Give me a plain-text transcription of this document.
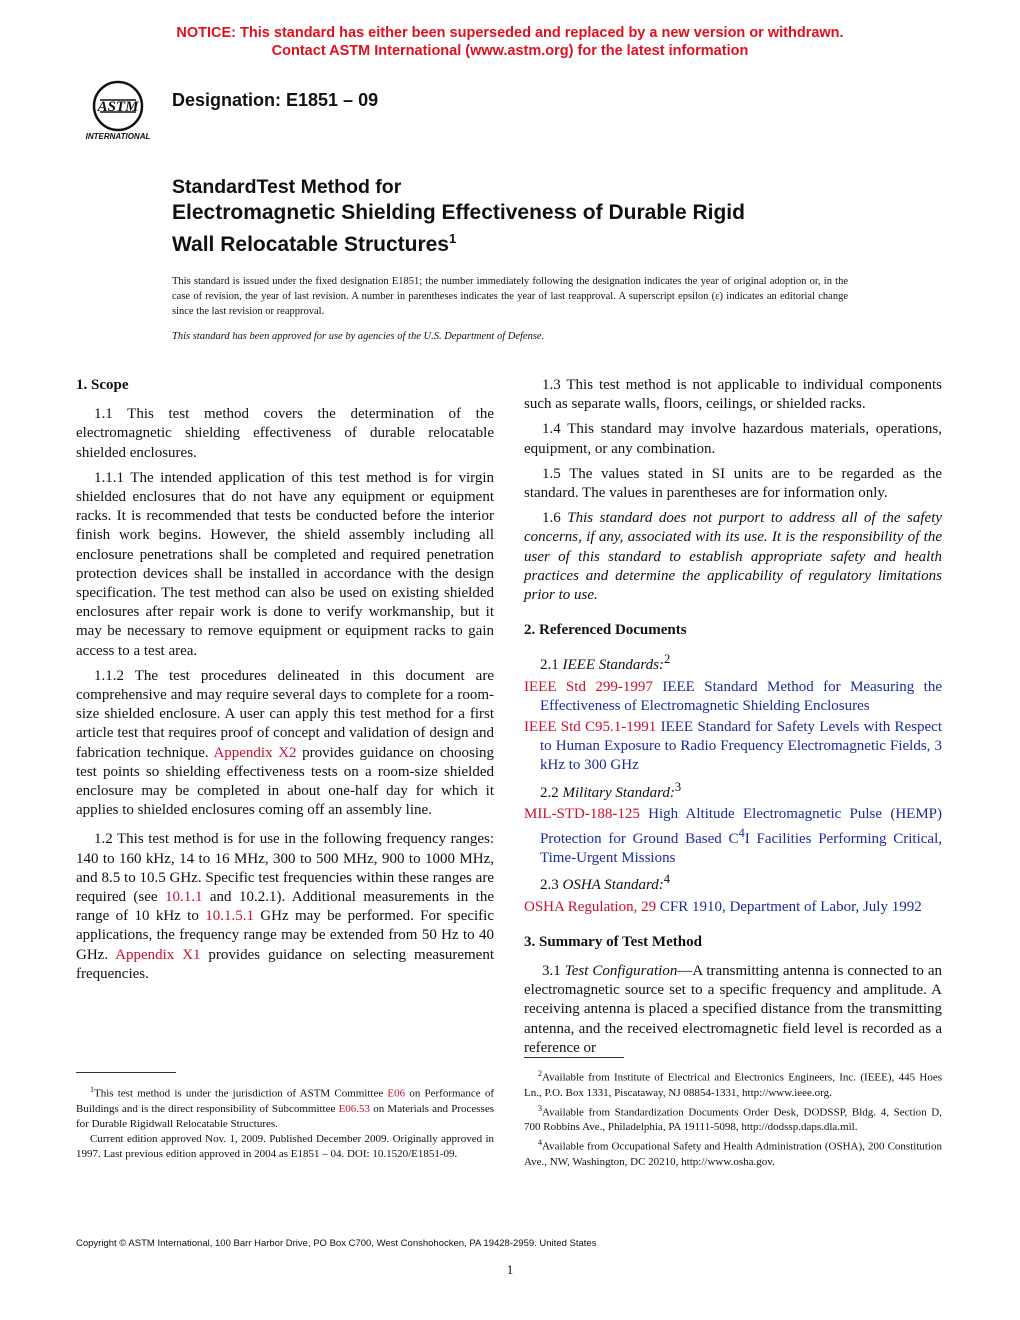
NOTICE: This standard has either been superseded and replaced by a new version or withdrawn.
Contact ASTM International (www.astm.org) for the latest information
ASTM
INTERNATIONAL
Designation: E1851 – 09
StandardTest Method for
Electromagnetic Shielding Effectiveness of Durable Rigid
Wall Relocatable Structures$^1$
This standard is issued under the fixed designation E1851; the number immediately following the designation indicates the year of original adoption or, in the case of revision, the year of last revision. A number in parentheses indicates the year of last reapproval. A superscript epsilon (ε) indicates an editorial change since the last revision or reapproval.
This standard has been approved for use by agencies of the U.S. Department of Defense.
1. Scope

1.1 This test method covers the determination of the electromagnetic shielding effectiveness of durable relocatable shielded enclosures.

1.1.1 The intended application of this test method is for virgin shielded enclosures that do not have any equipment or equipment racks. It is recommended that tests be conducted before the interior finish work begins. However, the shield assembly including all enclosure penetrations shall be completed and required penetration protection devices shall be installed in accordance with the design specification. The test method can also be used on existing shielded enclosures after repair work is done to verify workmanship, but it may be necessary to remove equipment or equipment racks to gain access to a test area.

1.1.2 The test procedures delineated in this document are comprehensive and may require several days to complete for a room-size shielded enclosure. A user can apply this test method for a first article test that requires proof of concept and validation of design and fabrication technique. Appendix X2 provides guidance on choosing test points so shielding effectiveness tests on a room-size shielded enclosure may be completed in about one-half day for which it applies to shielded enclosures coming off an assembly line.

1.2 This test method is for use in the following frequency ranges: 140 to 160 kHz, 14 to 16 MHz, 300 to 500 MHz, 900 to 1000 MHz, and 8.5 to 10.5 GHz. Specific test frequencies within these ranges are required (see 10.1.1 and 10.2.1). Additional measurements in the range of 10 kHz to 10.1.5.1 GHz may be performed. For specific applications, the frequency range may be extended from 50 Hz to 40 GHz. Appendix X1 provides guidance on selecting measurement frequencies.

1.3 This test method is not applicable to individual components such as separate walls, floors, ceilings, or shielded racks.

1.4 This standard may involve hazardous materials, operations, equipment, or any combination.

1.5 The values stated in SI units are to be regarded as the standard. The values in parentheses are for information only.

1.6 This standard does not purport to address all of the safety concerns, if any, associated with its use. It is the responsibility of the user of this standard to establish appropriate safety and health practices and determine the applicability of regulatory limitations prior to use.

2. Referenced Documents

2.1 IEEE Standards:$^2$

IEEE Std 299-1997 IEEE Standard Method for Measuring the Effectiveness of Electromagnetic Shielding Enclosures

IEEE Std C95.1-1991 IEEE Standard for Safety Levels with Respect to Human Exposure to Radio Frequency Electromagnetic Fields, 3 kHz to 300 GHz

2.2 Military Standard:$^3$

MIL-STD-188-125 High Altitude Electromagnetic Pulse (HEMP) Protection for Ground Based $C^4I$ Facilities Performing Critical, Time-Urgent Missions

2.3 OSHA Standard:$^4$

OSHA Regulation, 29 CFR 1910, Department of Labor, July 1992

3. Summary of Test Method

3.1 Test Configuration—A transmitting antenna is connected to an electromagnetic source set to a specific frequency and amplitude. A receiving antenna is placed a specified distance from the transmitting antenna, and the received electromagnetic field level is recorded as a reference or

$^1$This test method is under the jurisdiction of ASTM Committee E06 on Performance of Buildings and is the direct responsibility of Subcommittee E06.53 on Materials and Processes for Durable Rigidwall Relocatable Structures.

Current edition approved Nov. 1, 2009. Published December 2009. Originally approved in 1997. Last previous edition approved in 2004 as E1851 – 04. DOI: 10.1520/E1851-09.

$^2$Available from Institute of Electrical and Electronics Engineers, Inc. (IEEE), 445 Hoes Ln., P.O. Box 1331, Piscataway, NJ 08854-1331, http://www.ieee.org.

$^3$Available from Standardization Documents Order Desk, DODSSP, Bldg. 4, Section D, 700 Robbins Ave., Philadelphia, PA 19111-5098, http://dodssp.daps.dla.mil.

$^4$Available from Occupational Safety and Health Administration (OSHA), 200 Constitution Ave., NW, Washington, DC 20210, http://www.osha.gov.

Copyright © ASTM International, 100 Barr Harbor Drive, PO Box C700, West Conshohocken, PA 19428-2959. United States
1
